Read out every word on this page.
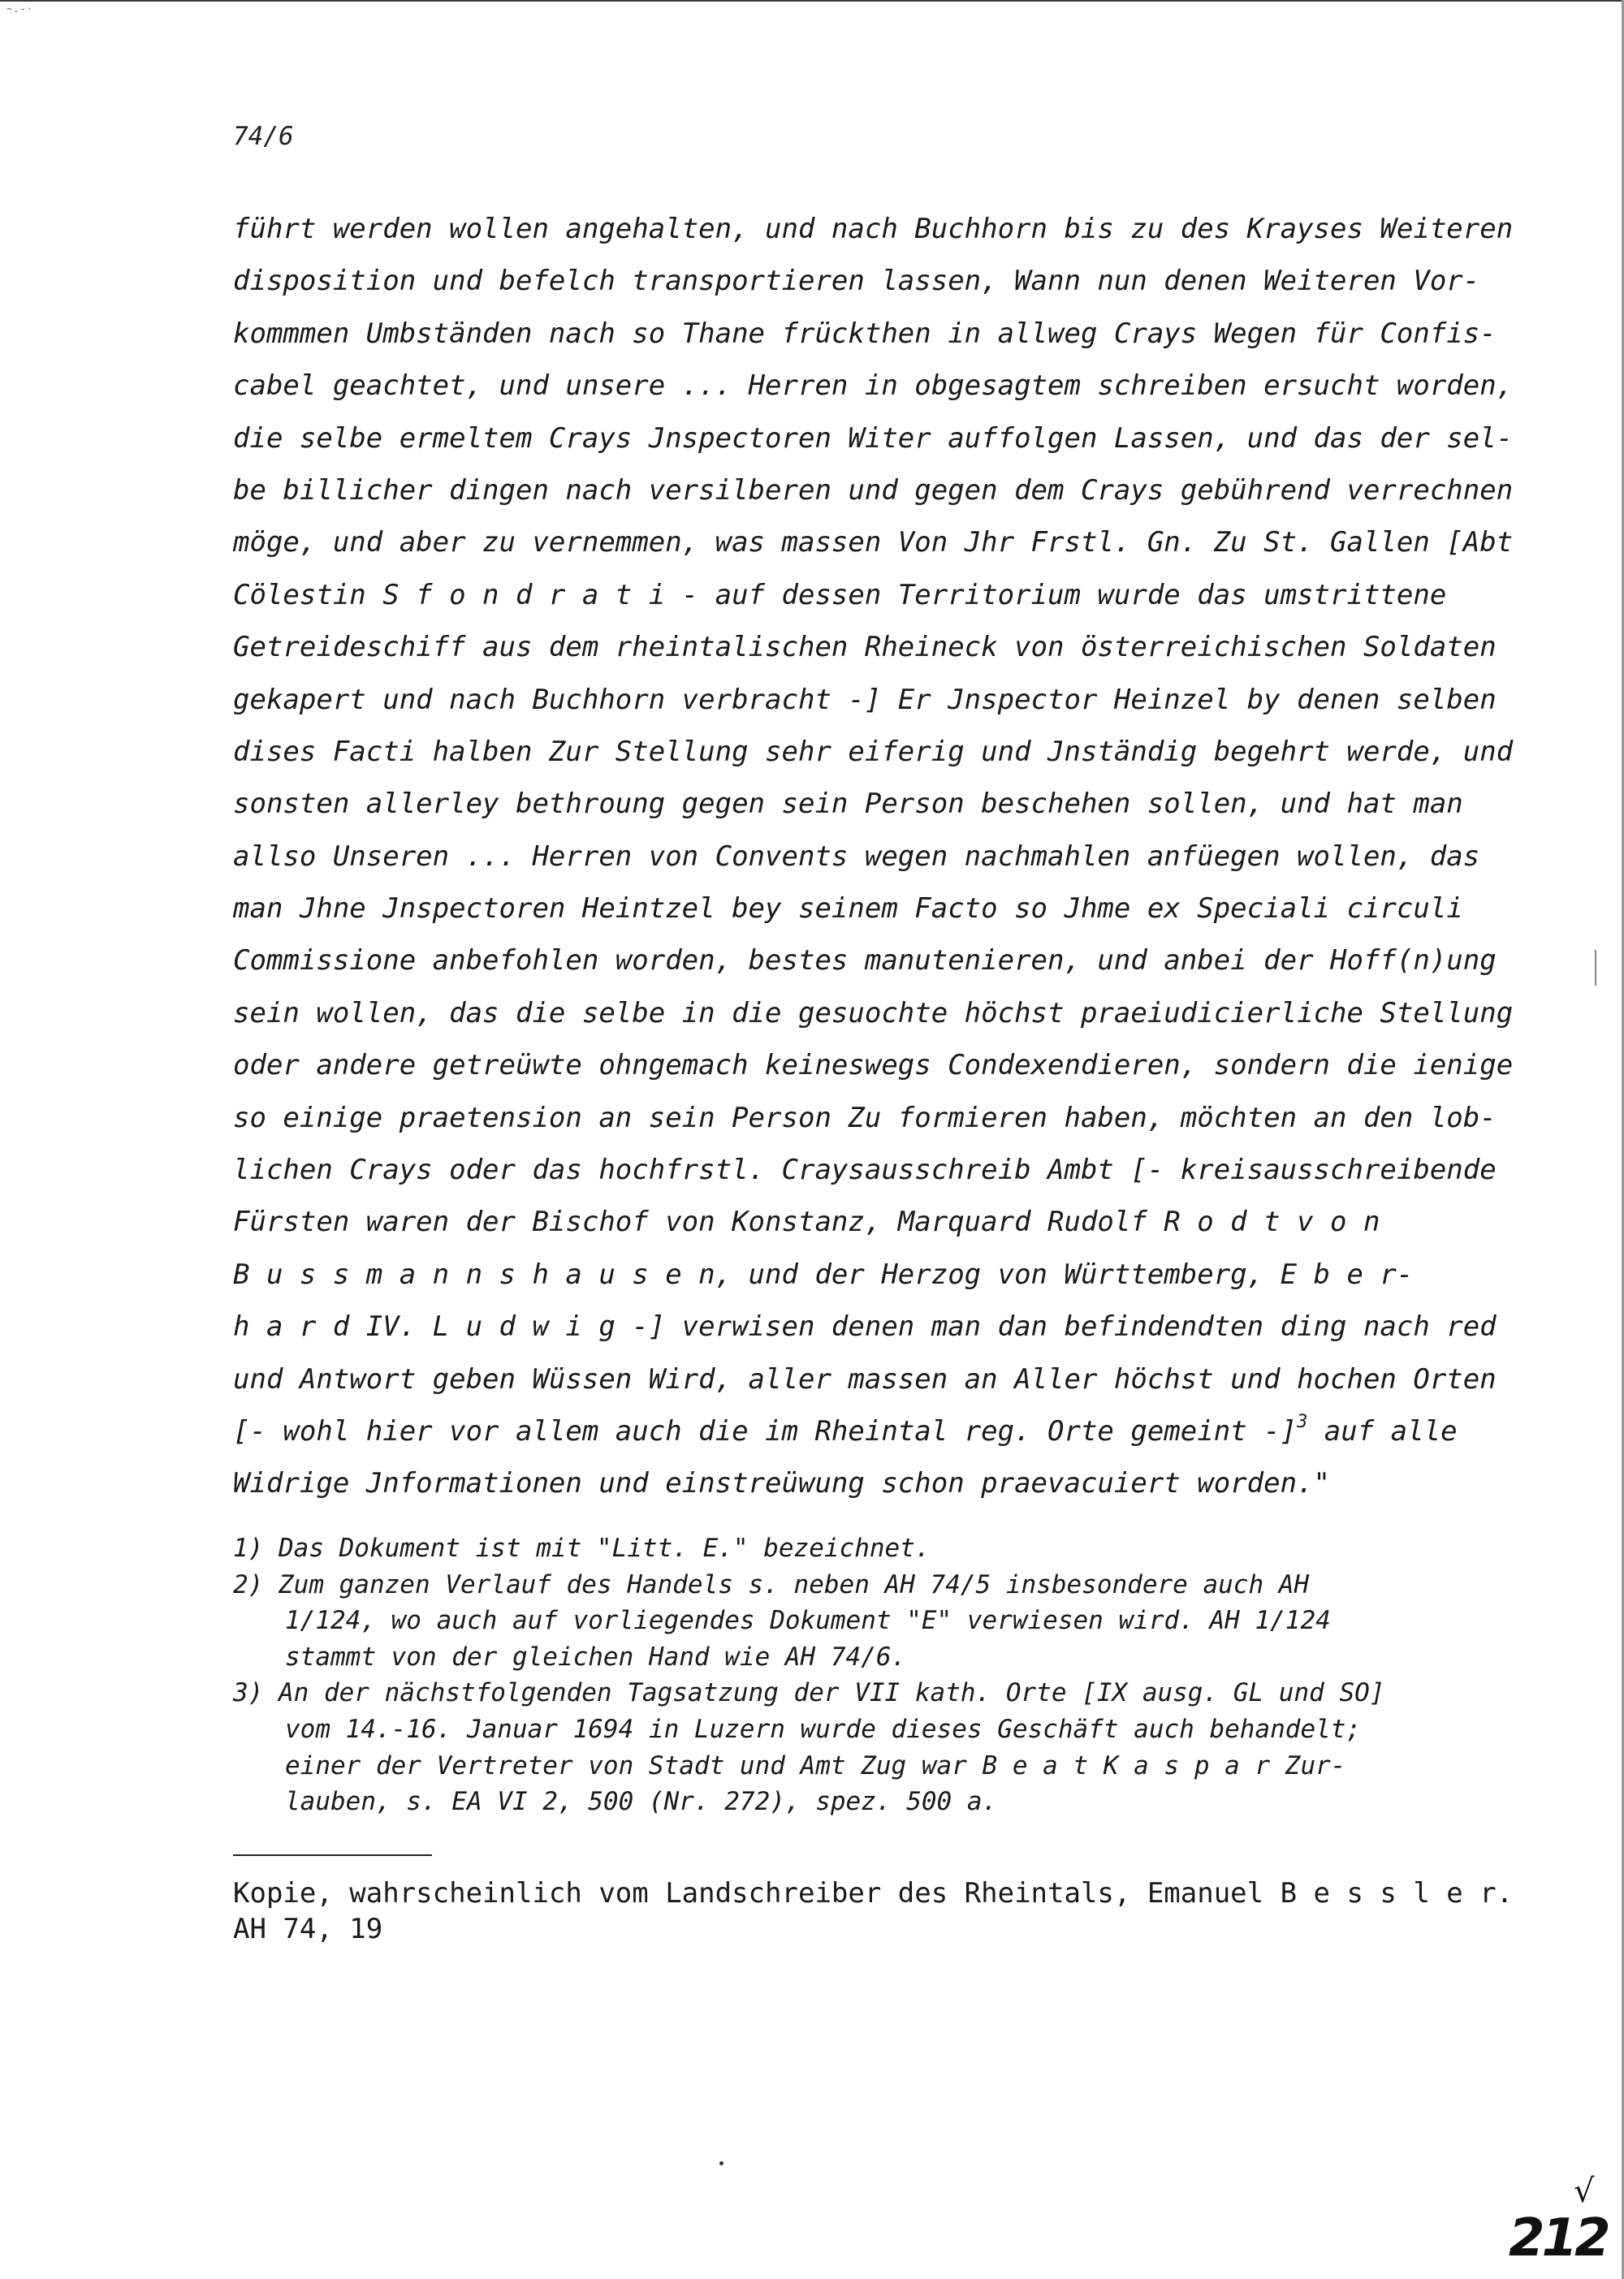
~.-·
74/6
führt werden wollen angehalten, und nach Buchhorn bis zu des Krayses Weiteren
disposition und befelch transportieren lassen, Wann nun denen Weiteren Vor-
kommmen Umbständen nach so Thane frückthen in allweg Crays Wegen für Confis-
cabel geachtet, und unsere ... Herren in obgesagtem schreiben ersucht worden,
die selbe ermeltem Crays Jnspectoren Witer auffolgen Lassen, und das der sel-
be billicher dingen nach versilberen und gegen dem Crays gebührend verrechnen
möge, und aber zu vernemmen, was massen Von Jhr Frstl. Gn. Zu St. Gallen [Abt
Cölestin S f o n d r a t i - auf dessen Territorium wurde das umstrittene
Getreideschiff aus dem rheintalischen Rheineck von österreichischen Soldaten
gekapert und nach Buchhorn verbracht -] Er Jnspector Heinzel by denen selben
dises Facti halben Zur Stellung sehr eiferig und Jnständig begehrt werde, und
sonsten allerley bethroung gegen sein Person beschehen sollen, und hat man
allso Unseren ... Herren von Convents wegen nachmahlen anfüegen wollen, das
man Jhne Jnspectoren Heintzel bey seinem Facto so Jhme ex Speciali circuli
Commissione anbefohlen worden, bestes manutenieren, und anbei der Hoff(n)ung
sein wollen, das die selbe in die gesuochte höchst praeiudicierliche Stellung
oder andere getreüwte ohngemach keineswegs Condexendieren, sondern die ienige
so einige praetension an sein Person Zu formieren haben, möchten an den lob-
lichen Crays oder das hochfrstl. Craysausschreib Ambt [- kreisausschreibende
Fürsten waren der Bischof von Konstanz, Marquard Rudolf R o d t v o n
B u s s m a n n s h a u s e n, und der Herzog von Württemberg, E b e r-
h a r d IV. L u d w i g -] verwisen denen man dan befindendten ding nach red
und Antwort geben Wüssen Wird, aller massen an Aller höchst und hochen Orten
[- wohl hier vor allem auch die im Rheintal reg. Orte gemeint -]$^3$ auf alle
Widrige Jnformationen und einstreüwung schon praevacuiert worden."
1) Das Dokument ist mit "Litt. E." bezeichnet.
2) Zum ganzen Verlauf des Handels s. neben AH 74/5 insbesondere auch AH
1/124, wo auch auf vorliegendes Dokument "E" verwiesen wird. AH 1/124
stammt von der gleichen Hand wie AH 74/6.
3) An der nächstfolgenden Tagsatzung der VII kath. Orte [IX ausg. GL und SO]
vom 14.-16. Januar 1694 in Luzern wurde dieses Geschäft auch behandelt;
einer der Vertreter von Stadt und Amt Zug war B e a t K a s p a r Zur-
lauben, s. EA VI 2, 500 (Nr. 272), spez. 500 a.
Kopie, wahrscheinlich vom Landschreiber des Rheintals, Emanuel B e s s l e r.
AH 74, 19
√
212
